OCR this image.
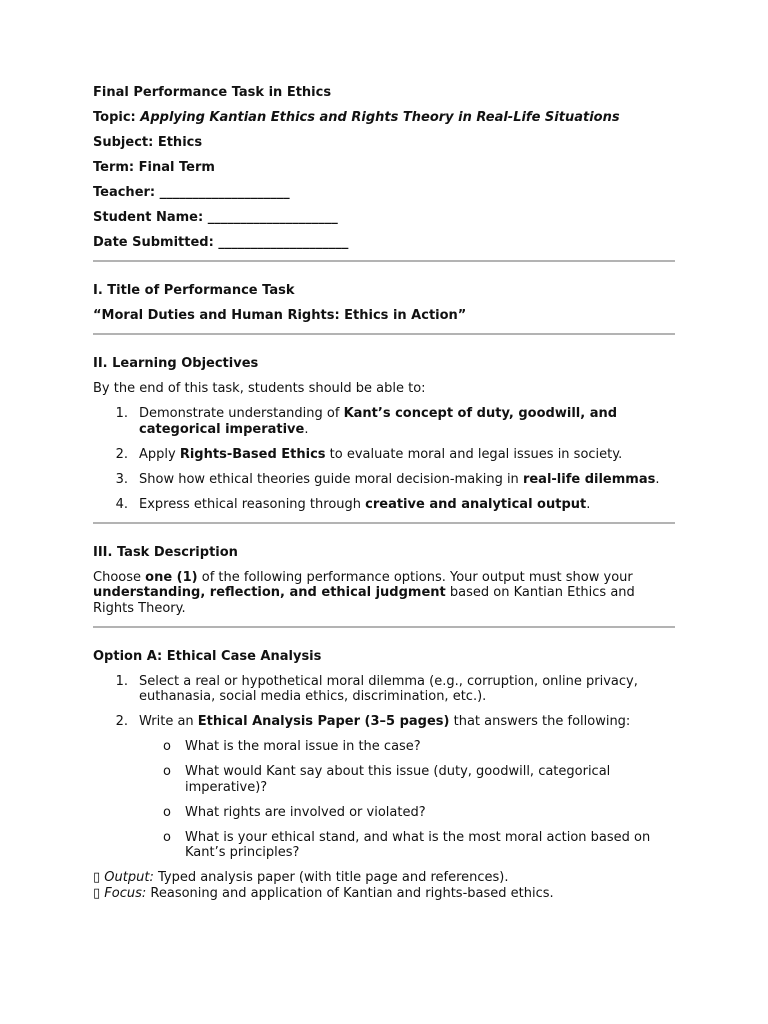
Final Performance Task in Ethics

Topic: Applying Kantian Ethics and Rights Theory in Real-Life Situations

Subject: Ethics

Term: Final Term

Teacher: ____________________

Student Name: ____________________

Date Submitted: ____________________

I. Title of Performance Task

“Moral Duties and Human Rights: Ethics in Action”

II. Learning Objectives

By the end of this task, students should be able to:

1. Demonstrate understanding of Kant’s concept of duty, goodwill, and categorical imperative.
2. Apply Rights-Based Ethics to evaluate moral and legal issues in society.
3. Show how ethical theories guide moral decision-making in real-life dilemmas.
4. Express ethical reasoning through creative and analytical output.

III. Task Description

Choose one (1) of the following performance options. Your output must show your understanding, reflection, and ethical judgment based on Kantian Ethics and Rights Theory.

Option A: Ethical Case Analysis

1. Select a real or hypothetical moral dilemma (e.g., corruption, online privacy, euthanasia, social media ethics, discrimination, etc.).
2. Write an Ethical Analysis Paper (3–5 pages) that answers the following:
o	What is the moral issue in the case?
o	What would Kant say about this issue (duty, goodwill, categorical imperative)?
o	What rights are involved or violated?
o	What is your ethical stand, and what is the most moral action based on Kant’s principles?
▯ Output: Typed analysis paper (with title page and references).
▯ Focus: Reasoning and application of Kantian and rights-based ethics.
